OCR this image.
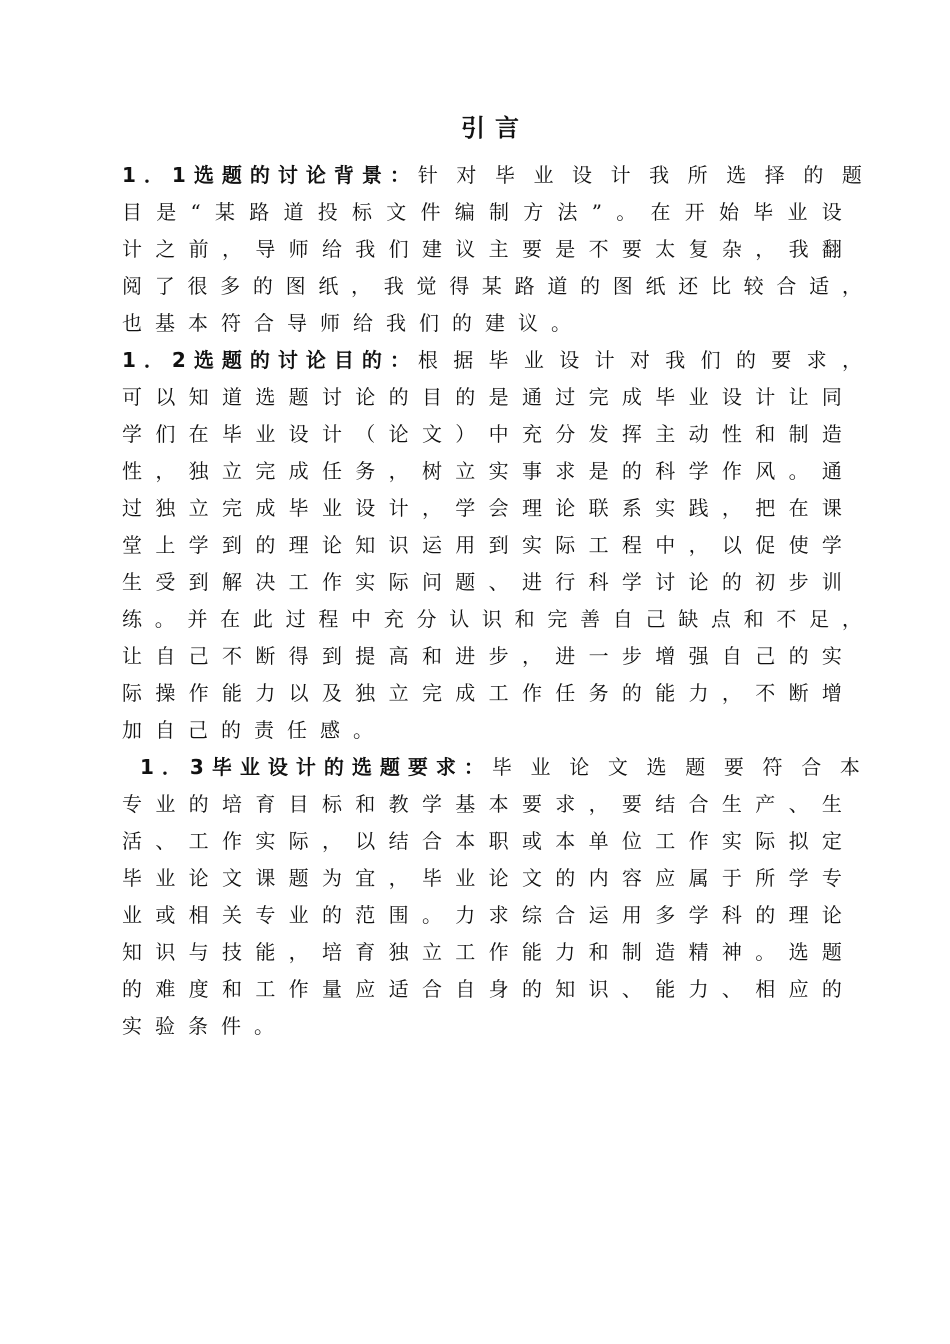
引言
1．1选题的讨论背景： 针 对 毕 业 设 计 我 所 选 择 的 题
目 是 “ 某 路 道 投 标 文 件 编 制 方 法 ” 。 在 开 始 毕 业 设
计 之 前 ， 导 师 给 我 们 建 议 主 要 是 不 要 太 复 杂 ， 我 翻
阅 了 很 多 的 图 纸 ， 我 觉 得 某 路 道 的 图 纸 还 比 较 合 适 ，
也 基 本 符 合 导 师 给 我 们 的 建 议 。
1．2选题的讨论目的： 根 据 毕 业 设 计 对 我 们 的 要 求 ，
可 以 知 道 选 题 讨 论 的 目 的 是 通 过 完 成 毕 业 设 计 让 同
学 们 在 毕 业 设 计 （ 论 文 ） 中 充 分 发 挥 主 动 性 和 制 造
性 ， 独 立 完 成 任 务 ， 树 立 实 事 求 是 的 科 学 作 风 。 通
过 独 立 完 成 毕 业 设 计 ， 学 会 理 论 联 系 实 践 ， 把 在 课
堂 上 学 到 的 理 论 知 识 运 用 到 实 际 工 程 中 ， 以 促 使 学
生 受 到 解 决 工 作 实 际 问 题 、 进 行 科 学 讨 论 的 初 步 训
练 。 并 在 此 过 程 中 充 分 认 识 和 完 善 自 己 缺 点 和 不 足 ，
让 自 己 不 断 得 到 提 高 和 进 步 ， 进 一 步 增 强 自 己 的 实
际 操 作 能 力 以 及 独 立 完 成 工 作 任 务 的 能 力 ， 不 断 增
加 自 己 的 责 任 感 。
1．3毕业设计的选题要求： 毕 业 论 文 选 题 要 符 合 本
专 业 的 培 育 目 标 和 教 学 基 本 要 求 ， 要 结 合 生 产 、 生
活 、 工 作 实 际 ， 以 结 合 本 职 或 本 单 位 工 作 实 际 拟 定
毕 业 论 文 课 题 为 宜 ， 毕 业 论 文 的 内 容 应 属 于 所 学 专
业 或 相 关 专 业 的 范 围 。 力 求 综 合 运 用 多 学 科 的 理 论
知 识 与 技 能 ， 培 育 独 立 工 作 能 力 和 制 造 精 神 。 选 题
的 难 度 和 工 作 量 应 适 合 自 身 的 知 识 、 能 力 、 相 应 的
实 验 条 件 。
